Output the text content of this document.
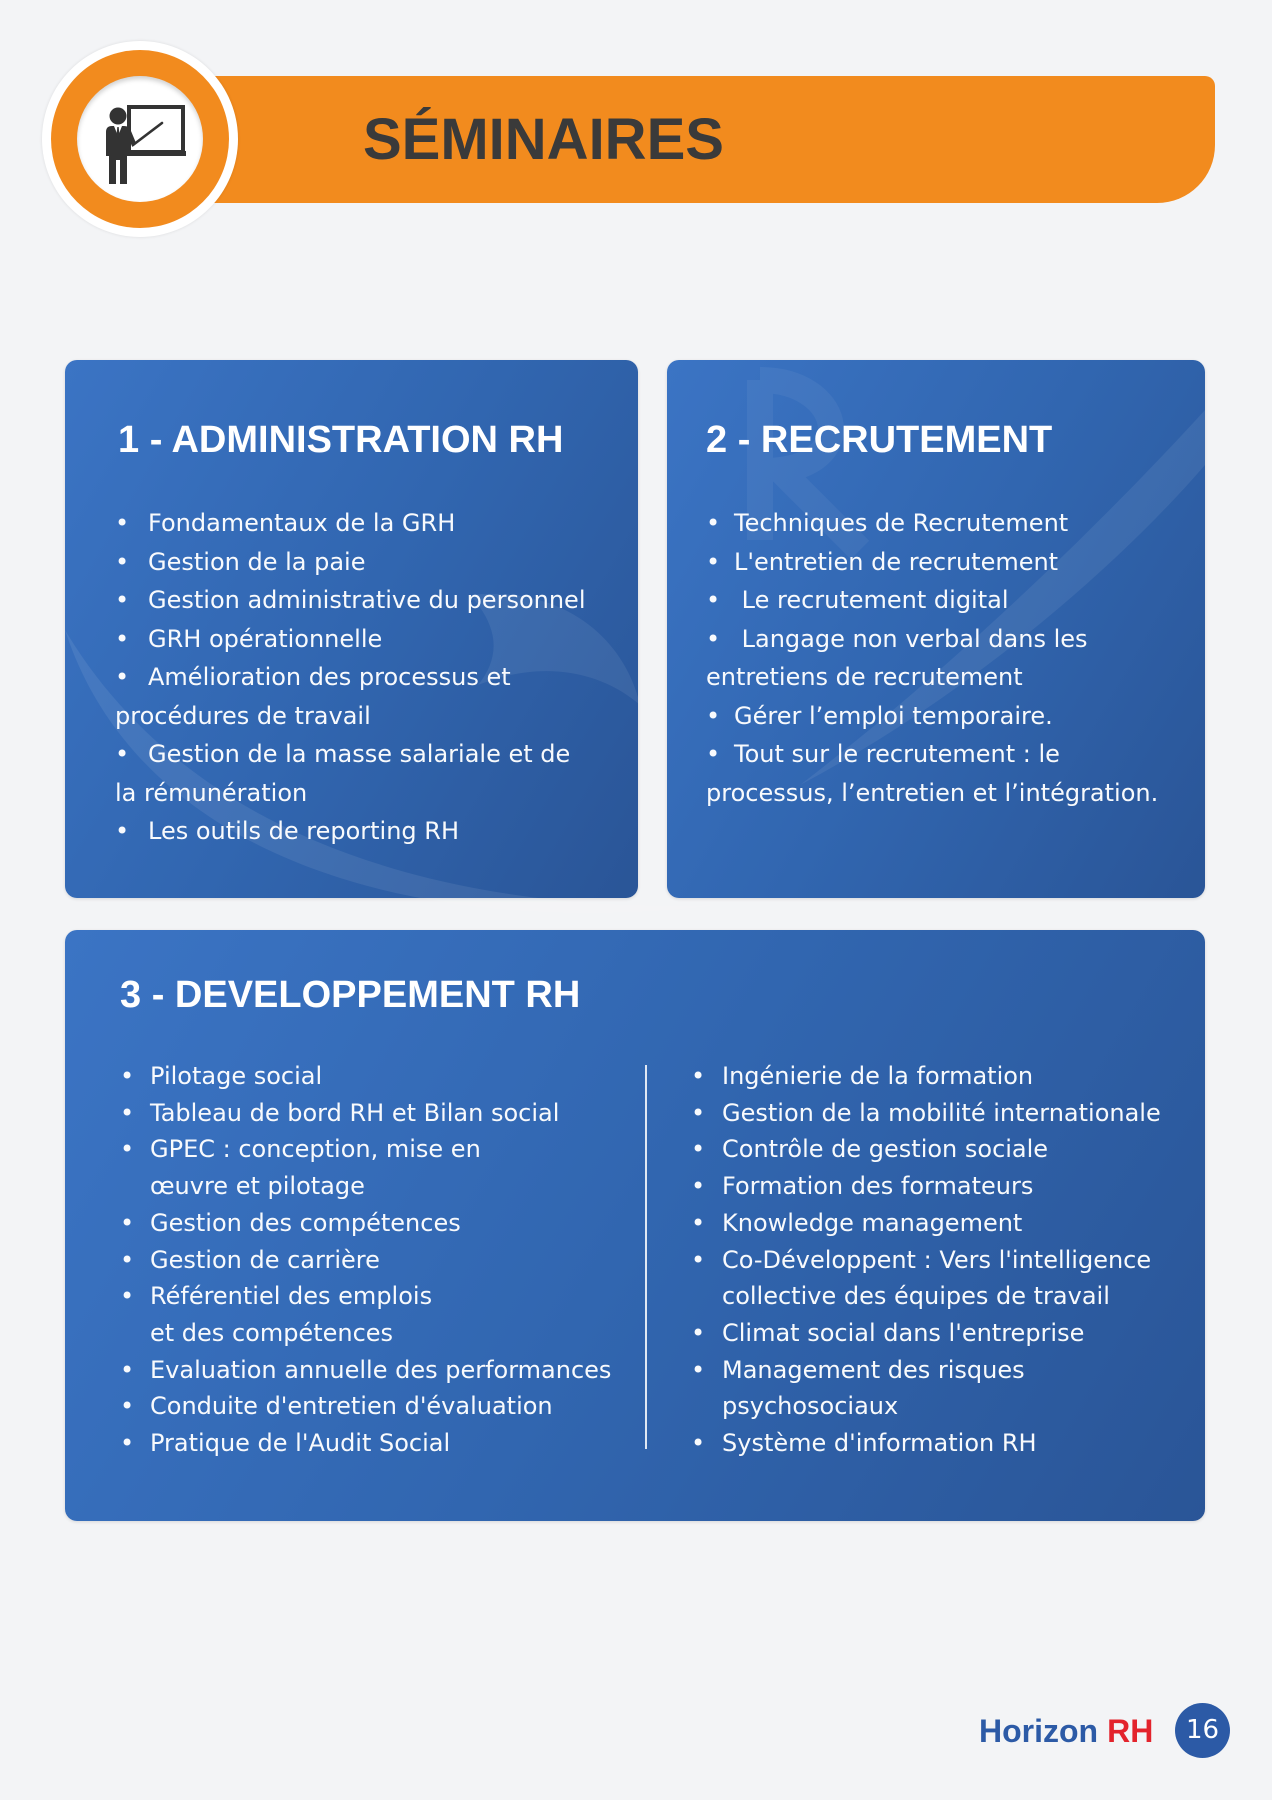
SÉMINAIRES
1 - ADMINISTRATION RH
•Fondamentaux de la GRH
•Gestion de la paie
•Gestion administrative du personnel
•GRH opérationnelle
•Amélioration des processus et
procédures de travail
•Gestion de la masse salariale et de
la rémunération
•Les outils de reporting RH
2 - RECRUTEMENT
•Techniques de Recrutement
•L'entretien de recrutement
• Le recrutement digital
• Langage non verbal dans les
entretiens de recrutement
•Gérer l’emploi temporaire.
•Tout sur le recrutement : le
processus, l’entretien et l’intégration.
3 - DEVELOPPEMENT RH
•Pilotage social
•Tableau de bord RH et Bilan social
•GPEC : conception, mise en
œuvre et pilotage
•Gestion des compétences
•Gestion de carrière
•Référentiel des emplois
et des compétences
•Evaluation annuelle des performances
•Conduite d'entretien d'évaluation
•Pratique de l'Audit Social
•Ingénierie de la formation
•Gestion de la mobilité internationale
•Contrôle de gestion sociale
•Formation des formateurs
•Knowledge management
•Co-Développent : Vers l'intelligence
collective des équipes de travail
•Climat social dans l'entreprise
•Management des risques
psychosociaux
•Système d'information RH
Horizon RH	16
